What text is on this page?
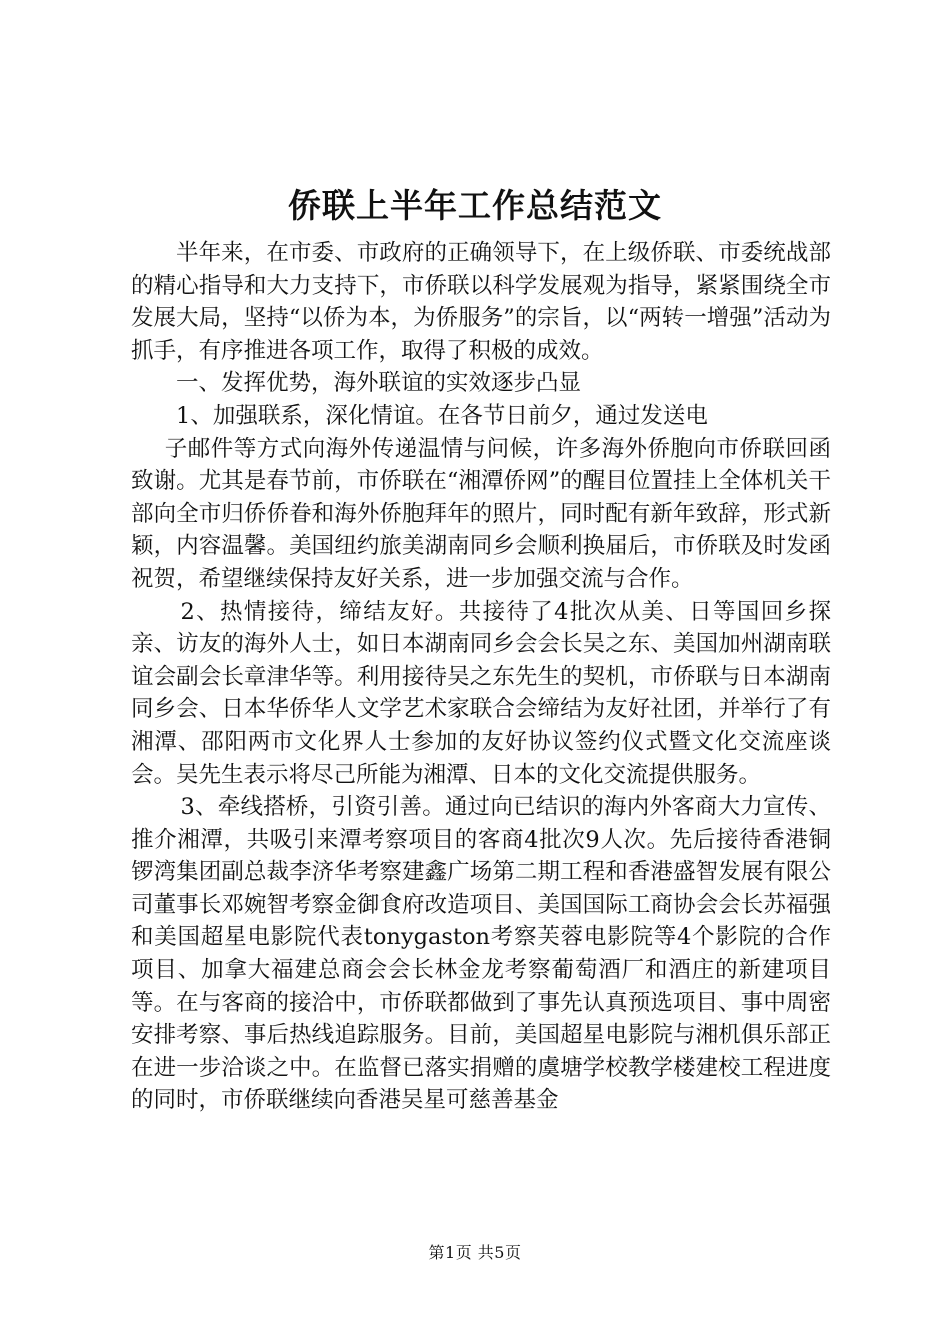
侨联上半年工作总结范文

半年来，在市委、市政府的正确领导下，在上级侨联、市委统战部的精心指导和大力支持下，市侨联以科学发展观为指导，紧紧围绕全市发展大局，坚持“以侨为本，为侨服务”的宗旨，以“两转一增强”活动为抓手，有序推进各项工作，取得了积极的成效。

一、发挥优势，海外联谊的实效逐步凸显

1、加强联系，深化情谊。在各节日前夕，通过发送电

子邮件等方式向海外传递温情与问候，许多海外侨胞向市侨联回函致谢。尤其是春节前，市侨联在“湘潭侨网”的醒目位置挂上全体机关干部向全市归侨侨眷和海外侨胞拜年的照片，同时配有新年致辞，形式新颖，内容温馨。美国纽约旅美湖南同乡会顺利换届后，市侨联及时发函祝贺，希望继续保持友好关系，进一步加强交流与合作。

2、热情接待，缔结友好。共接待了4批次从美、日等国回乡探亲、访友的海外人士，如日本湖南同乡会会长吴之东、美国加州湖南联谊会副会长章津华等。利用接待吴之东先生的契机，市侨联与日本湖南同乡会、日本华侨华人文学艺术家联合会缔结为友好社团，并举行了有湘潭、邵阳两市文化界人士参加的友好协议签约仪式暨文化交流座谈会。吴先生表示将尽己所能为湘潭、日本的文化交流提供服务。

3、牵线搭桥，引资引善。通过向已结识的海内外客商大力宣传、推介湘潭，共吸引来潭考察项目的客商4批次9人次。先后接待香港铜锣湾集团副总裁李济华考察建鑫广场第二期工程和香港盛智发展有限公司董事长邓婉智考察金御食府改造项目、美国国际工商协会会长苏福强和美国超星电影院代表tonygaston考察芙蓉电影院等4个影院的合作项目、加拿大福建总商会会长林金龙考察葡萄酒厂和酒庄的新建项目等。在与客商的接洽中，市侨联都做到了事先认真预选项目、事中周密安排考察、事后热线追踪服务。目前，美国超星电影院与湘机俱乐部正在进一步洽谈之中。在监督已落实捐赠的虞塘学校教学楼建校工程进度的同时，市侨联继续向香港吴星可慈善基金

第1页 共5页
